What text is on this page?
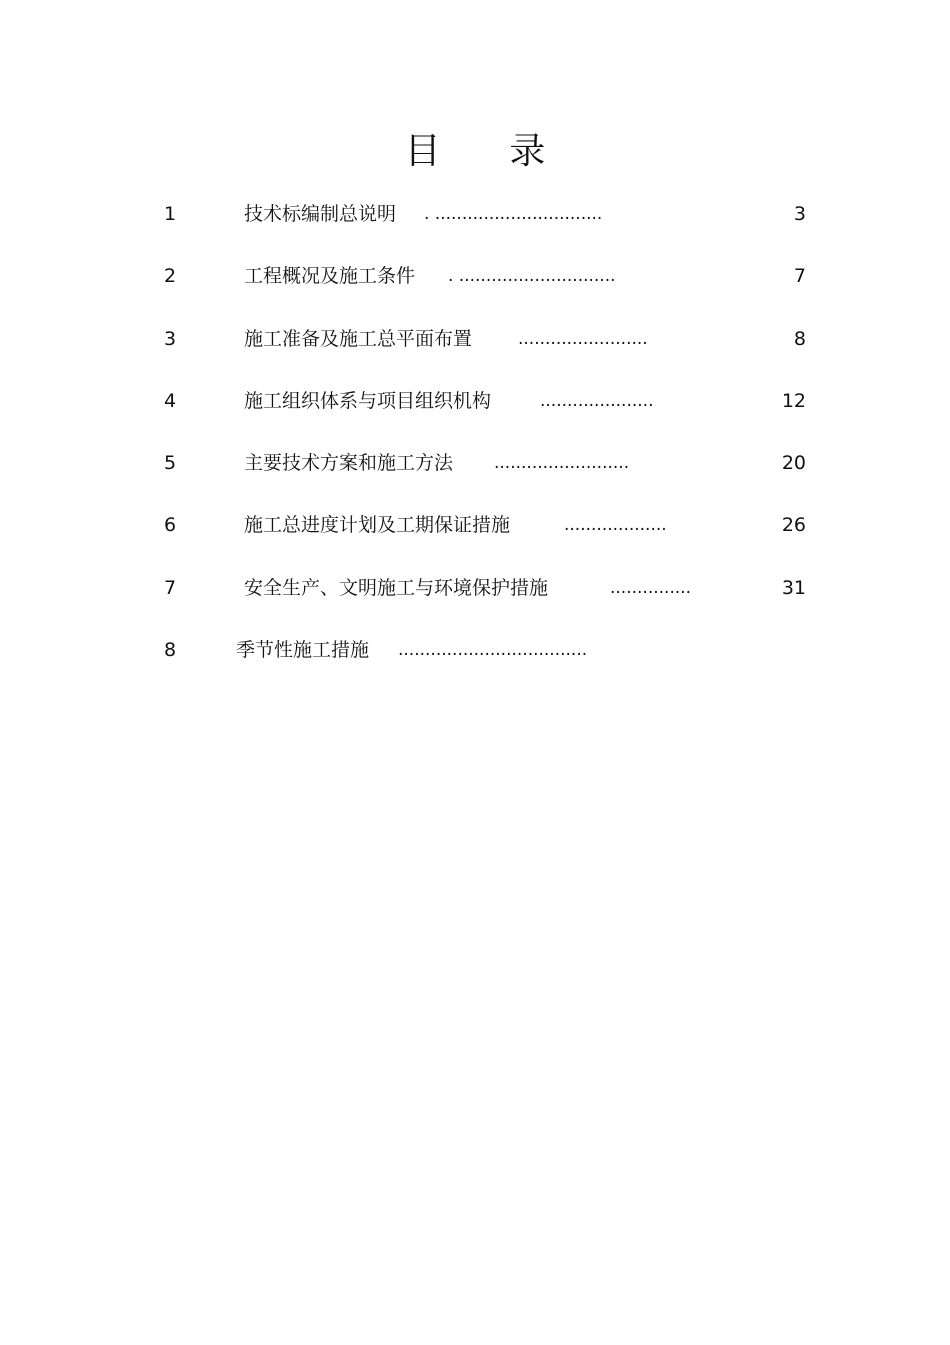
目      录
1	技术标编制总说明 . ...............................	3
2	工程概况及施工条件 . .............................	7
3	施工准备及施工总平面布置	........................	8
4	施工组织体系与项目组织机构	.....................	12
5	主要技术方案和施工方法 .........................	20
6	施工总进度计划及工期保证措施	...................	26
7	安全生产、文明施工与环境保护措施	...............	31
8	季节性施工措施 ...................................
